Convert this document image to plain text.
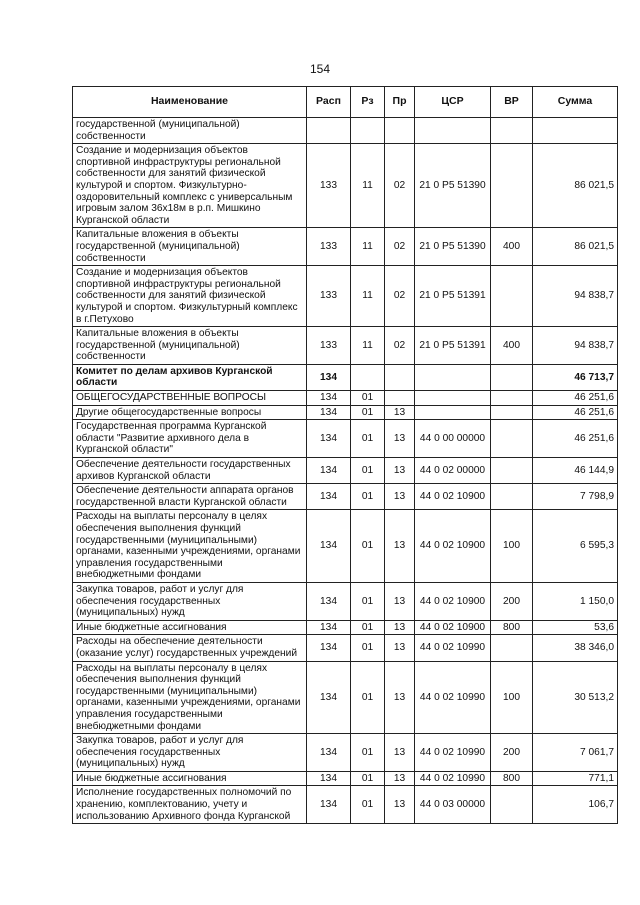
154
Наименование	Расп	Рз	Пр	ЦСР	ВР	Сумма
государственной (муниципальной) собственности						
Создание и модернизация объектов спортивной инфраструктуры региональной собственности для занятий физической культурой и спортом. Физкультурно-оздоровительный комплекс с универсальным игровым залом 36х18м в р.п. Мишкино Курганской области	133	11	02	21 0 P5 51390		86 021,5
Капитальные вложения в объекты государственной (муниципальной) собственности	133	11	02	21 0 P5 51390	400	86 021,5
Создание и модернизация объектов спортивной инфраструктуры региональной собственности для занятий физической культурой и спортом. Физкультурный комплекс в г.Петухово	133	11	02	21 0 P5 51391		94 838,7
Капитальные вложения в объекты государственной (муниципальной) собственности	133	11	02	21 0 P5 51391	400	94 838,7
Комитет по делам архивов Курганской области	134					46 713,7
ОБЩЕГОСУДАРСТВЕННЫЕ ВОПРОСЫ	134	01				46 251,6
Другие общегосударственные вопросы	134	01	13			46 251,6
Государственная программа Курганской области "Развитие архивного дела в Курганской области"	134	01	13	44 0 00 00000		46 251,6
Обеспечение деятельности государственных архивов Курганской области	134	01	13	44 0 02 00000		46 144,9
Обеспечение деятельности аппарата органов государственной власти Курганской области	134	01	13	44 0 02 10900		7 798,9
Расходы на выплаты персоналу в целях обеспечения выполнения функций государственными (муниципальными) органами, казенными учреждениями, органами управления государственными внебюджетными фондами	134	01	13	44 0 02 10900	100	6 595,3
Закупка товаров, работ и услуг для обеспечения государственных (муниципальных) нужд	134	01	13	44 0 02 10900	200	1 150,0
Иные бюджетные ассигнования	134	01	13	44 0 02 10900	800	53,6
Расходы на обеспечение деятельности (оказание услуг) государственных учреждений	134	01	13	44 0 02 10990		38 346,0
Расходы на выплаты персоналу в целях обеспечения выполнения функций государственными (муниципальными) органами, казенными учреждениями, органами управления государственными внебюджетными фондами	134	01	13	44 0 02 10990	100	30 513,2
Закупка товаров, работ и услуг для обеспечения государственных (муниципальных) нужд	134	01	13	44 0 02 10990	200	7 061,7
Иные бюджетные ассигнования	134	01	13	44 0 02 10990	800	771,1
Исполнение государственных полномочий по хранению, комплектованию, учету и использованию Архивного фонда Курганской	134	01	13	44 0 03 00000		106,7
